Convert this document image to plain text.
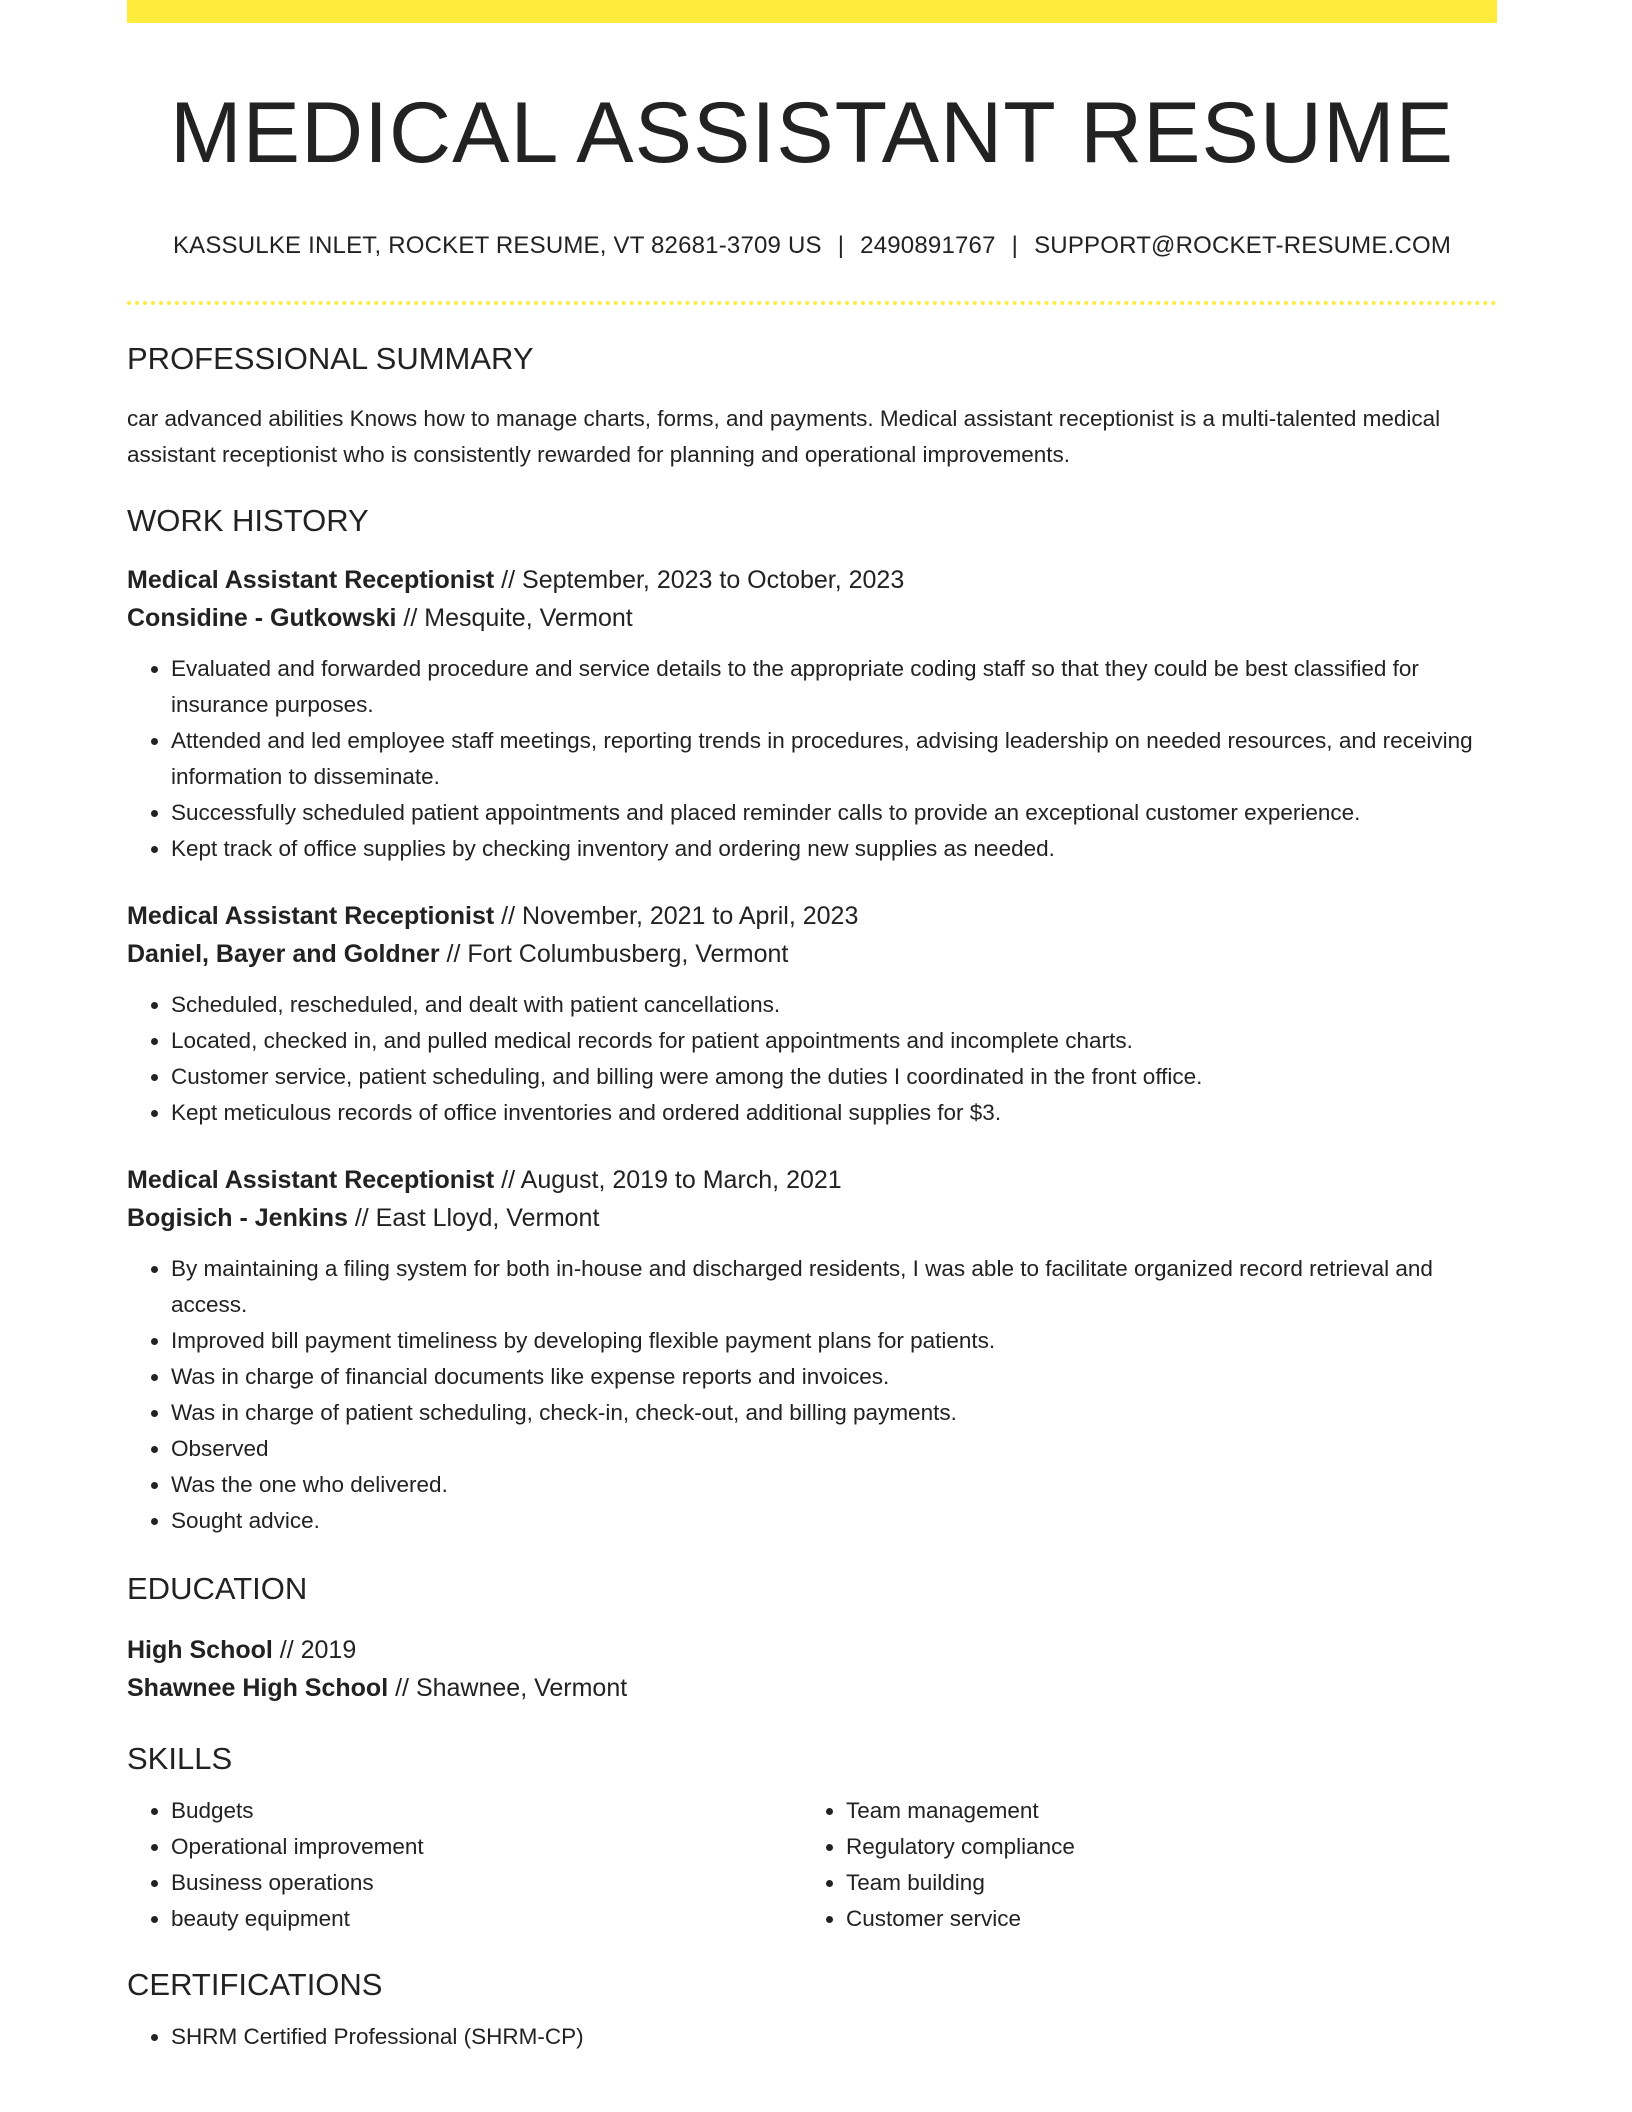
MEDICAL ASSISTANT RESUME
KASSULKE INLET, ROCKET RESUME, VT 82681-3709 US | 2490891767 | SUPPORT@ROCKET-RESUME.COM
PROFESSIONAL SUMMARY

car advanced abilities Knows how to manage charts, forms, and payments. Medical assistant receptionist is a multi-talented medical assistant receptionist who is consistently rewarded for planning and operational improvements.

WORK HISTORY
Medical Assistant Receptionist // September, 2023 to October, 2023
Considine - Gutkowski // Mesquite, Vermont
• Evaluated and forwarded procedure and service details to the appropriate coding staff so that they could be best classified for insurance purposes.
• Attended and led employee staff meetings, reporting trends in procedures, advising leadership on needed resources, and receiving information to disseminate.
• Successfully scheduled patient appointments and placed reminder calls to provide an exceptional customer experience.
• Kept track of office supplies by checking inventory and ordering new supplies as needed.
Medical Assistant Receptionist // November, 2021 to April, 2023
Daniel, Bayer and Goldner // Fort Columbusberg, Vermont
• Scheduled, rescheduled, and dealt with patient cancellations.
• Located, checked in, and pulled medical records for patient appointments and incomplete charts.
• Customer service, patient scheduling, and billing were among the duties I coordinated in the front office.
• Kept meticulous records of office inventories and ordered additional supplies for $3.
Medical Assistant Receptionist // August, 2019 to March, 2021
Bogisich - Jenkins // East Lloyd, Vermont
• By maintaining a filing system for both in-house and discharged residents, I was able to facilitate organized record retrieval and access.
• Improved bill payment timeliness by developing flexible payment plans for patients.
• Was in charge of financial documents like expense reports and invoices.
• Was in charge of patient scheduling, check-in, check-out, and billing payments.
• Observed
• Was the one who delivered.
• Sought advice.
EDUCATION
High School // 2019
Shawnee High School // Shawnee, Vermont
SKILLS
• Budgets
• Operational improvement
• Business operations
• beauty equipment
• Team management
• Regulatory compliance
• Team building
• Customer service
CERTIFICATIONS
• SHRM Certified Professional (SHRM-CP)
